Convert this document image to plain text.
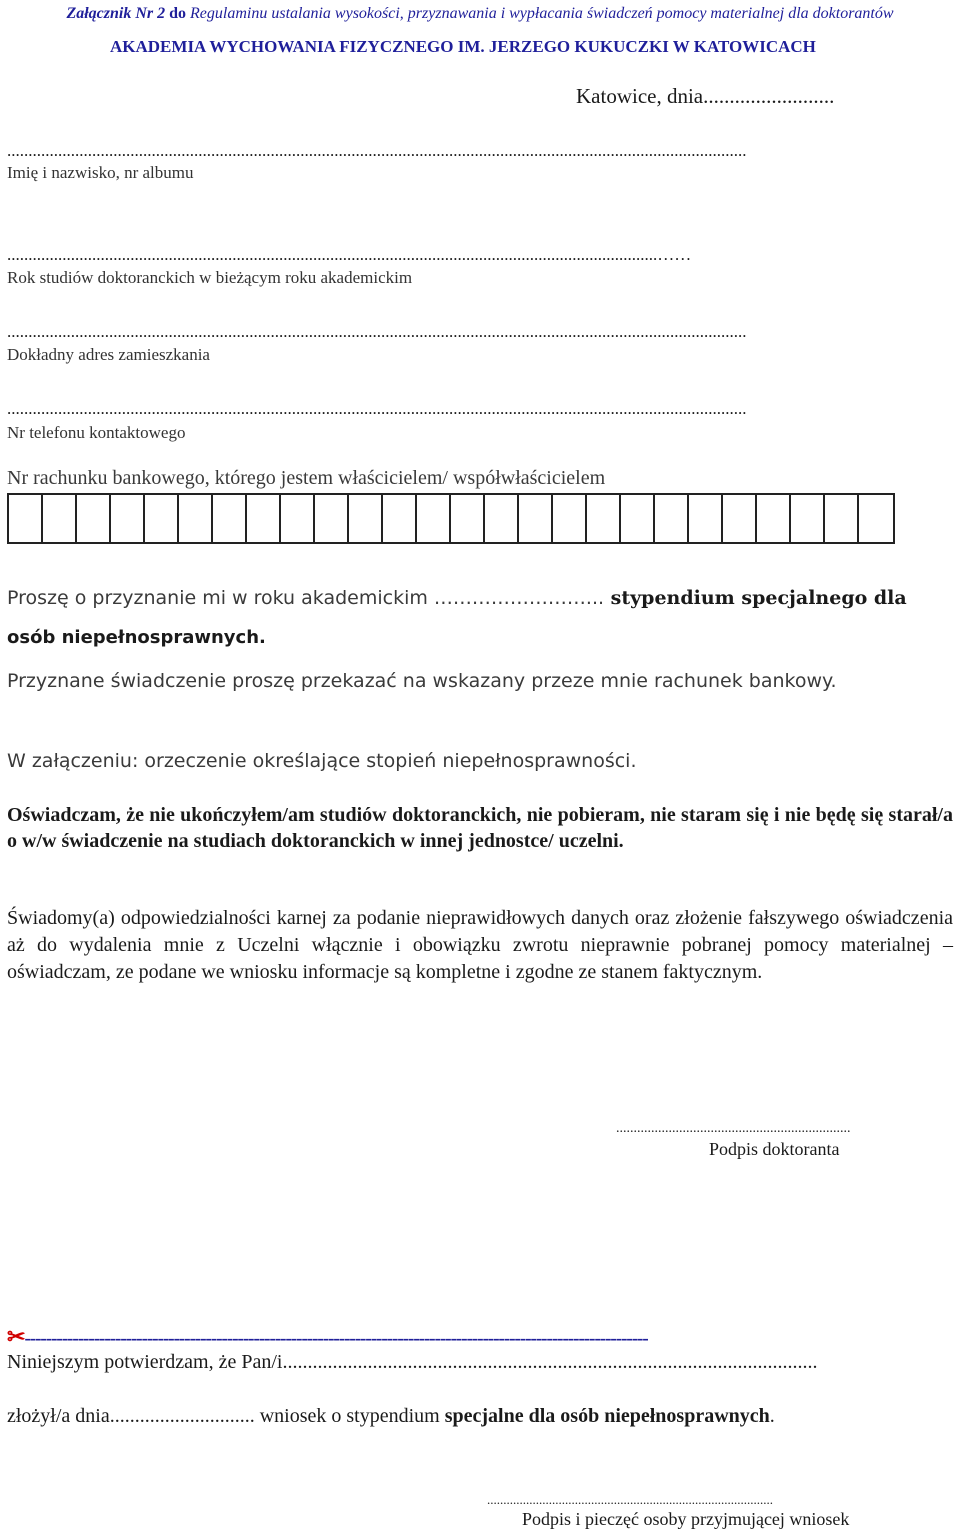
Załącznik Nr 2 do Regulaminu ustalania wysokości, przyznawania i wypłacania świadczeń pomocy materialnej dla doktorantów
AKADEMIA WYCHOWANIA FIZYCZNEGO IM. JERZEGO KUKUCZKI W KATOWICACH
Katowice, dnia.........................
..............................................................................................................................................................................
Imię i nazwisko, nr albumu
.........................................................................................................................................................……
Rok studiów doktoranckich w bieżącym roku akademickim
..............................................................................................................................................................................
Dokładny adres zamieszkania
..............................................................................................................................................................................
Nr telefonu kontaktowego
Nr rachunku bankowego, którego jestem właścicielem/ współwłaścicielem
Proszę o przyznanie mi w roku akademickim ……………………... stypendium specjalnego dla
osób niepełnosprawnych.
Przyznane świadczenie proszę przekazać na wskazany przeze mnie rachunek bankowy.
W załączeniu: orzeczenie określające stopień niepełnosprawności.
Oświadczam, że nie ukończyłem/am studiów doktoranckich, nie pobieram, nie staram się i nie będę się starał/a o w/w świadczenie na studiach doktoranckich w innej jednostce/ uczelni.
Świadomy(a) odpowiedzialności karnej za podanie nieprawidłowych danych oraz złożenie fałszywego oświadczenia aż do wydalenia mnie z Uczelni włącznie i obowiązku zwrotu nieprawnie pobranej pomocy materialnej – oświadczam, ze podane we wniosku informacje są kompletne i zgodne ze stanem faktycznym.
...................................................................
Podpis doktoranta
✂---------------------------------------------------------------------------------------------------------------------
Niniejszym potwierdzam, że Pan/i...........................................................................................................
złożył/a dnia............................. wniosek o stypendium specjalne dla osób niepełnosprawnych.
........................................................................................
Podpis i pieczęć osoby przyjmującej wniosek
